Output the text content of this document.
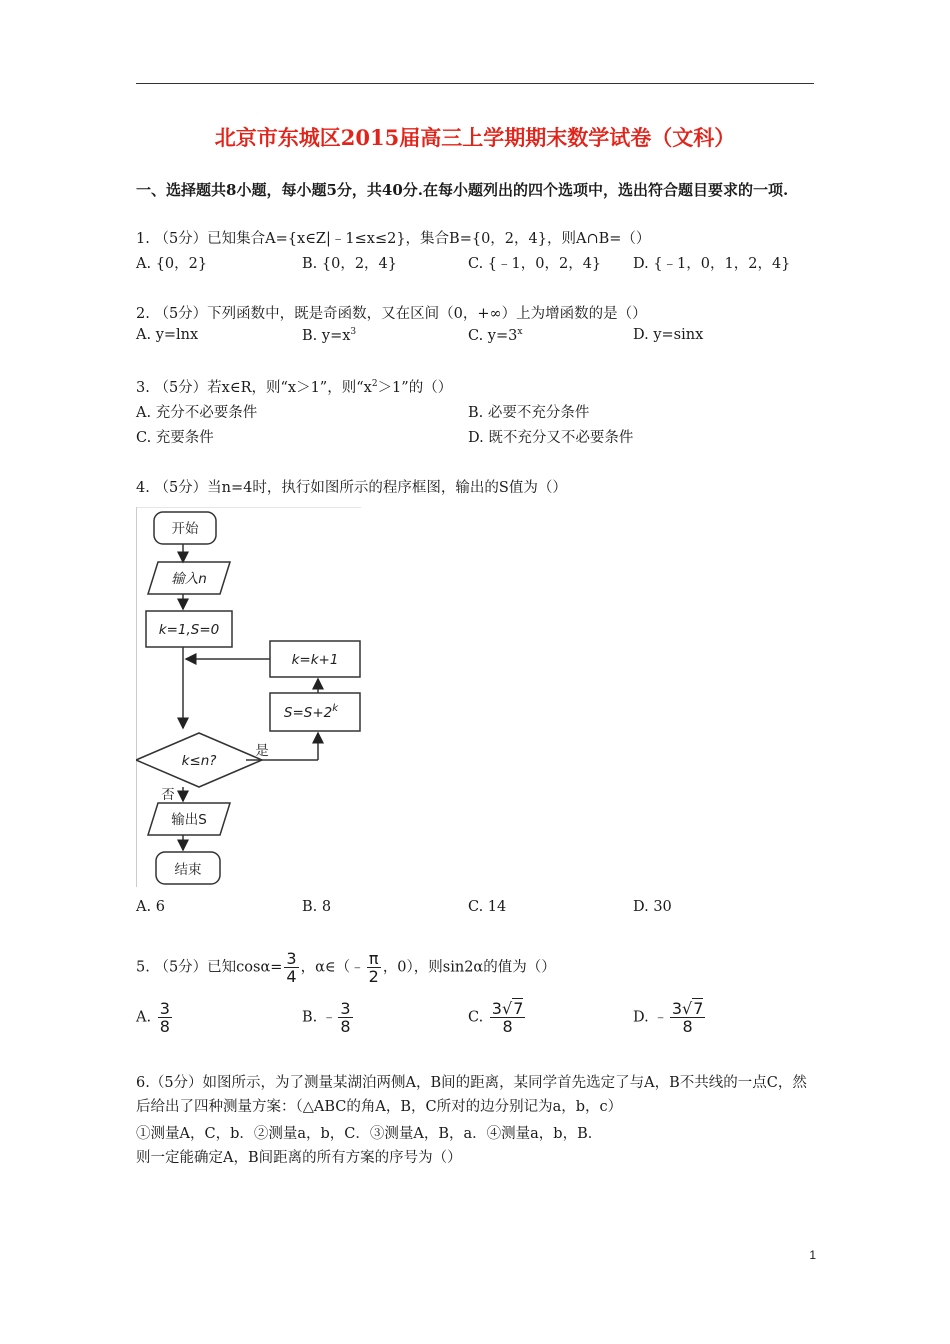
北京市东城区2015届高三上学期期末数学试卷（文科）
一、选择题共8小题，每小题5分，共40分.在每小题列出的四个选项中，选出符合题目要求的一项.
1. （5分）已知集合A={x∈Z|﹣1≤x≤2}，集合B={0，2，4}，则A∩B=（）
A. {0，2}	B. {0，2，4}	C. {﹣1，0，2，4} D. {﹣1，0，1，2，4}
2. （5分）下列函数中，既是奇函数，又在区间（0，+∞）上为增函数的是（）
A. y=lnx	B. $y=x^3$	C. $y=3^x$	D. y=sinx
3. （5分）若x∈R，则“x＞1”，则“$x^2>1$”的（）
A. 充分不必要条件	B. 必要不充分条件
C. 充要条件	D. 既不充分又不必要条件
4. （5分）当n=4时，执行如图所示的程序框图，输出的S值为（）
开始
输入n
k=1,S=0
k=k+1
$S=S+2^k$
k≤n?
是
否
输出S
结束
A. 6	B. 8	C. 14	D. 30
5. （5分）已知$\cos\alpha= \frac{3}{4}$ ，α∈（﹣ $\frac{\pi}{2}$ ，0），则sin2α的值为（）
A. $\frac{3}{8}$	B. ﹣ $\frac{3}{8}$	C. $\frac{3√7}{8}$	D. ﹣ $\frac{3√7}{8}$
6.（5分）如图所示，为了测量某湖泊两侧A，B间的距离，某同学首先选定了与A，B不共线的一点C，然后给出了四种测量方案：（△ABC的角A，B，C所对的边分别记为a，b，c）
①测量A，C，b．②测量a，b，C．③测量A，B，a．④测量a，b，B．
则一定能确定A，B间距离的所有方案的序号为（）
1
